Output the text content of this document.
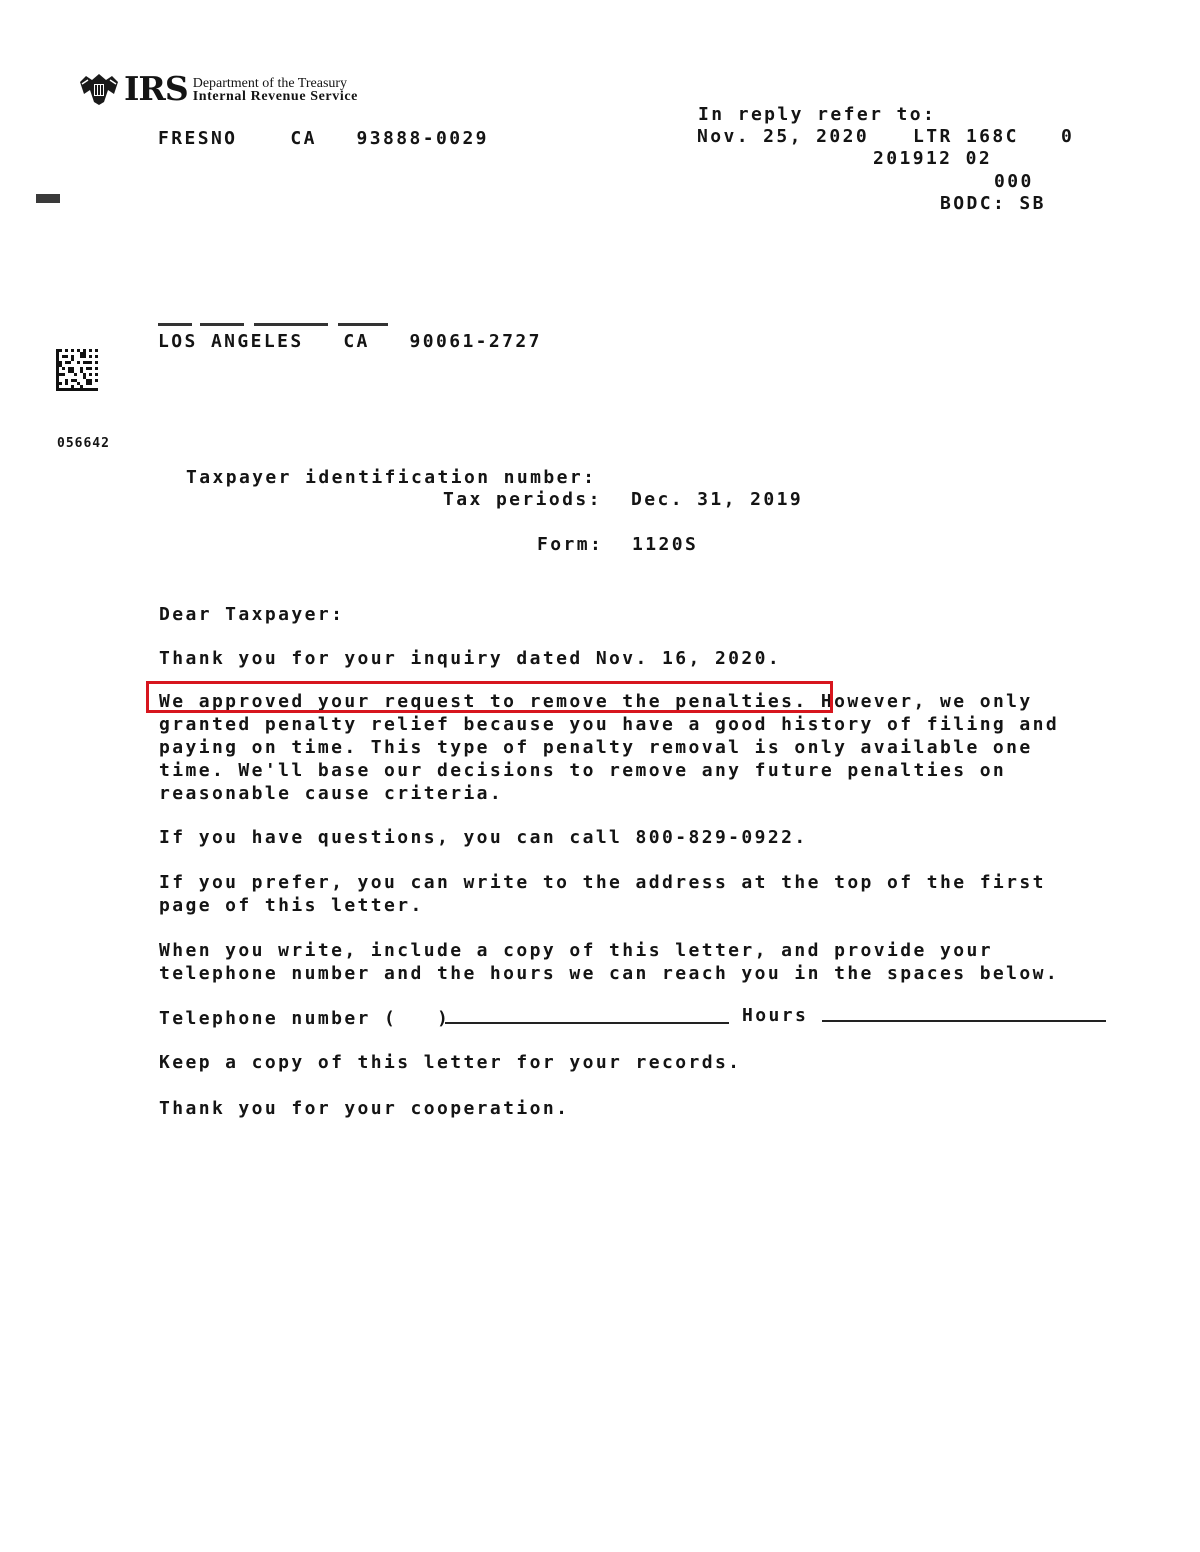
IRS Department of the Treasury
Internal Revenue Service
FRESNO    CA   93888-0029
In reply refer to:
Nov. 25, 2020 LTR 168C 0
201912 02
000
BODC: SB
056642
LOS ANGELES   CA   90061-2727
Taxpayer identification number:
Tax periods: Dec. 31, 2019
Form: 1120S
Dear Taxpayer:
Thank you for your inquiry dated Nov. 16, 2020.
We approved your request to remove the penalties. However, we only
granted penalty relief because you have a good history of filing and
paying on time. This type of penalty removal is only available one
time. We'll base our decisions to remove any future penalties on
reasonable cause criteria.
If you have questions, you can call 800-829-0922.
If you prefer, you can write to the address at the top of the first
page of this letter.
When you write, include a copy of this letter, and provide your
telephone number and the hours we can reach you in the spaces below.
Telephone number (   )	Hours
Keep a copy of this letter for your records.
Thank you for your cooperation.
